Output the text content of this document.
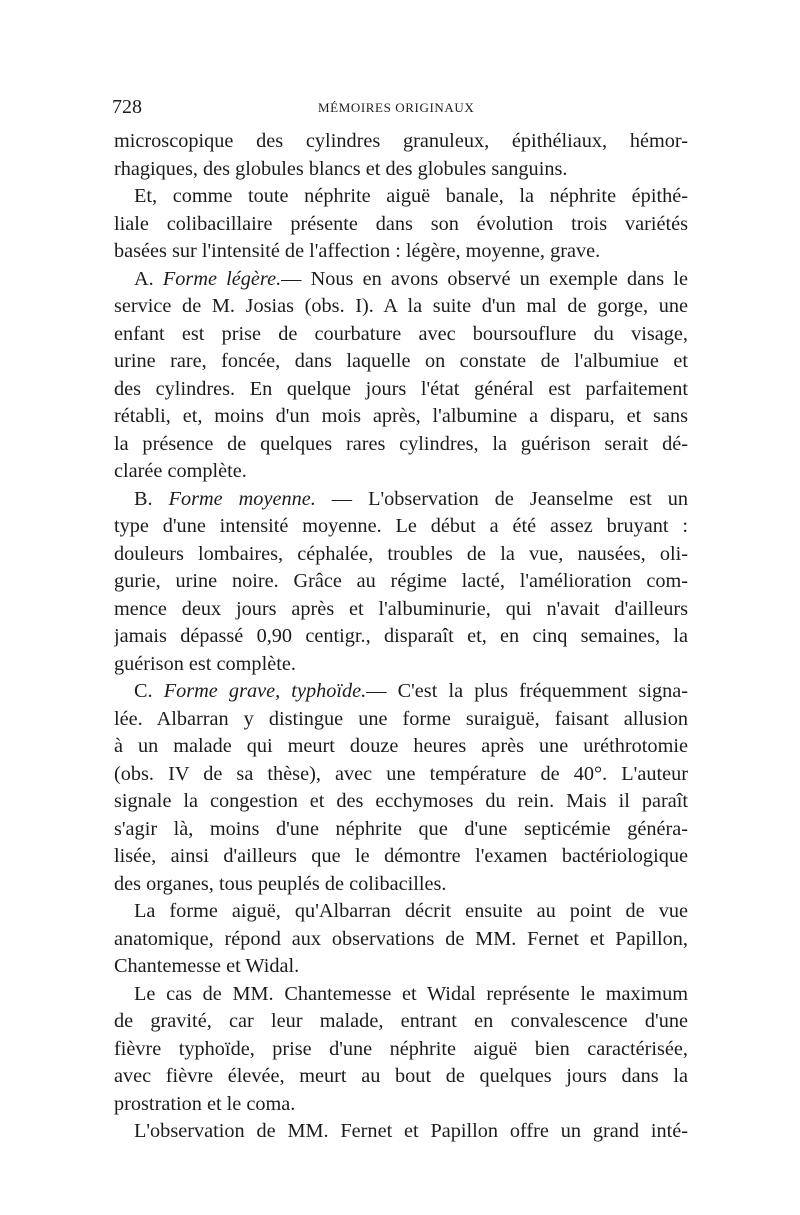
728	MÉMOIRES ORIGINAUX
microscopique des cylindres granuleux, épithéliaux, hémor-
rhagiques, des globules blancs et des globules sanguins.
Et, comme toute néphrite aiguë banale, la néphrite épithé-
liale colibacillaire présente dans son évolution trois variétés
basées sur l'intensité de l'affection : légère, moyenne, grave.
A. Forme légère.— Nous en avons observé un exemple dans le
service de M. Josias (obs. I). A la suite d'un mal de gorge, une
enfant est prise de courbature avec boursouflure du visage,
urine rare, foncée, dans laquelle on constate de l'albumiue et
des cylindres. En quelque jours l'état général est parfaitement
rétabli, et, moins d'un mois après, l'albumine a disparu, et sans
la présence de quelques rares cylindres, la guérison serait dé-
clarée complète.
B. Forme moyenne. — L'observation de Jeanselme est un
type d'une intensité moyenne. Le début a été assez bruyant :
douleurs lombaires, céphalée, troubles de la vue, nausées, oli-
gurie, urine noire. Grâce au régime lacté, l'amélioration com-
mence deux jours après et l'albuminurie, qui n'avait d'ailleurs
jamais dépassé 0,90 centigr., disparaît et, en cinq semaines, la
guérison est complète.
C. Forme grave, typhoïde.— C'est la plus fréquemment signa-
lée. Albarran y distingue une forme suraiguë, faisant allusion
à un malade qui meurt douze heures après une uréthrotomie
(obs. IV de sa thèse), avec une température de 40°. L'auteur
signale la congestion et des ecchymoses du rein. Mais il paraît
s'agir là, moins d'une néphrite que d'une septicémie généra-
lisée, ainsi d'ailleurs que le démontre l'examen bactériologique
des organes, tous peuplés de colibacilles.
La forme aiguë, qu'Albarran décrit ensuite au point de vue
anatomique, répond aux observations de MM. Fernet et Papillon,
Chantemesse et Widal.
Le cas de MM. Chantemesse et Widal représente le maximum
de gravité, car leur malade, entrant en convalescence d'une
fièvre typhoïde, prise d'une néphrite aiguë bien caractérisée,
avec fièvre élevée, meurt au bout de quelques jours dans la
prostration et le coma.
L'observation de MM. Fernet et Papillon offre un grand inté-
